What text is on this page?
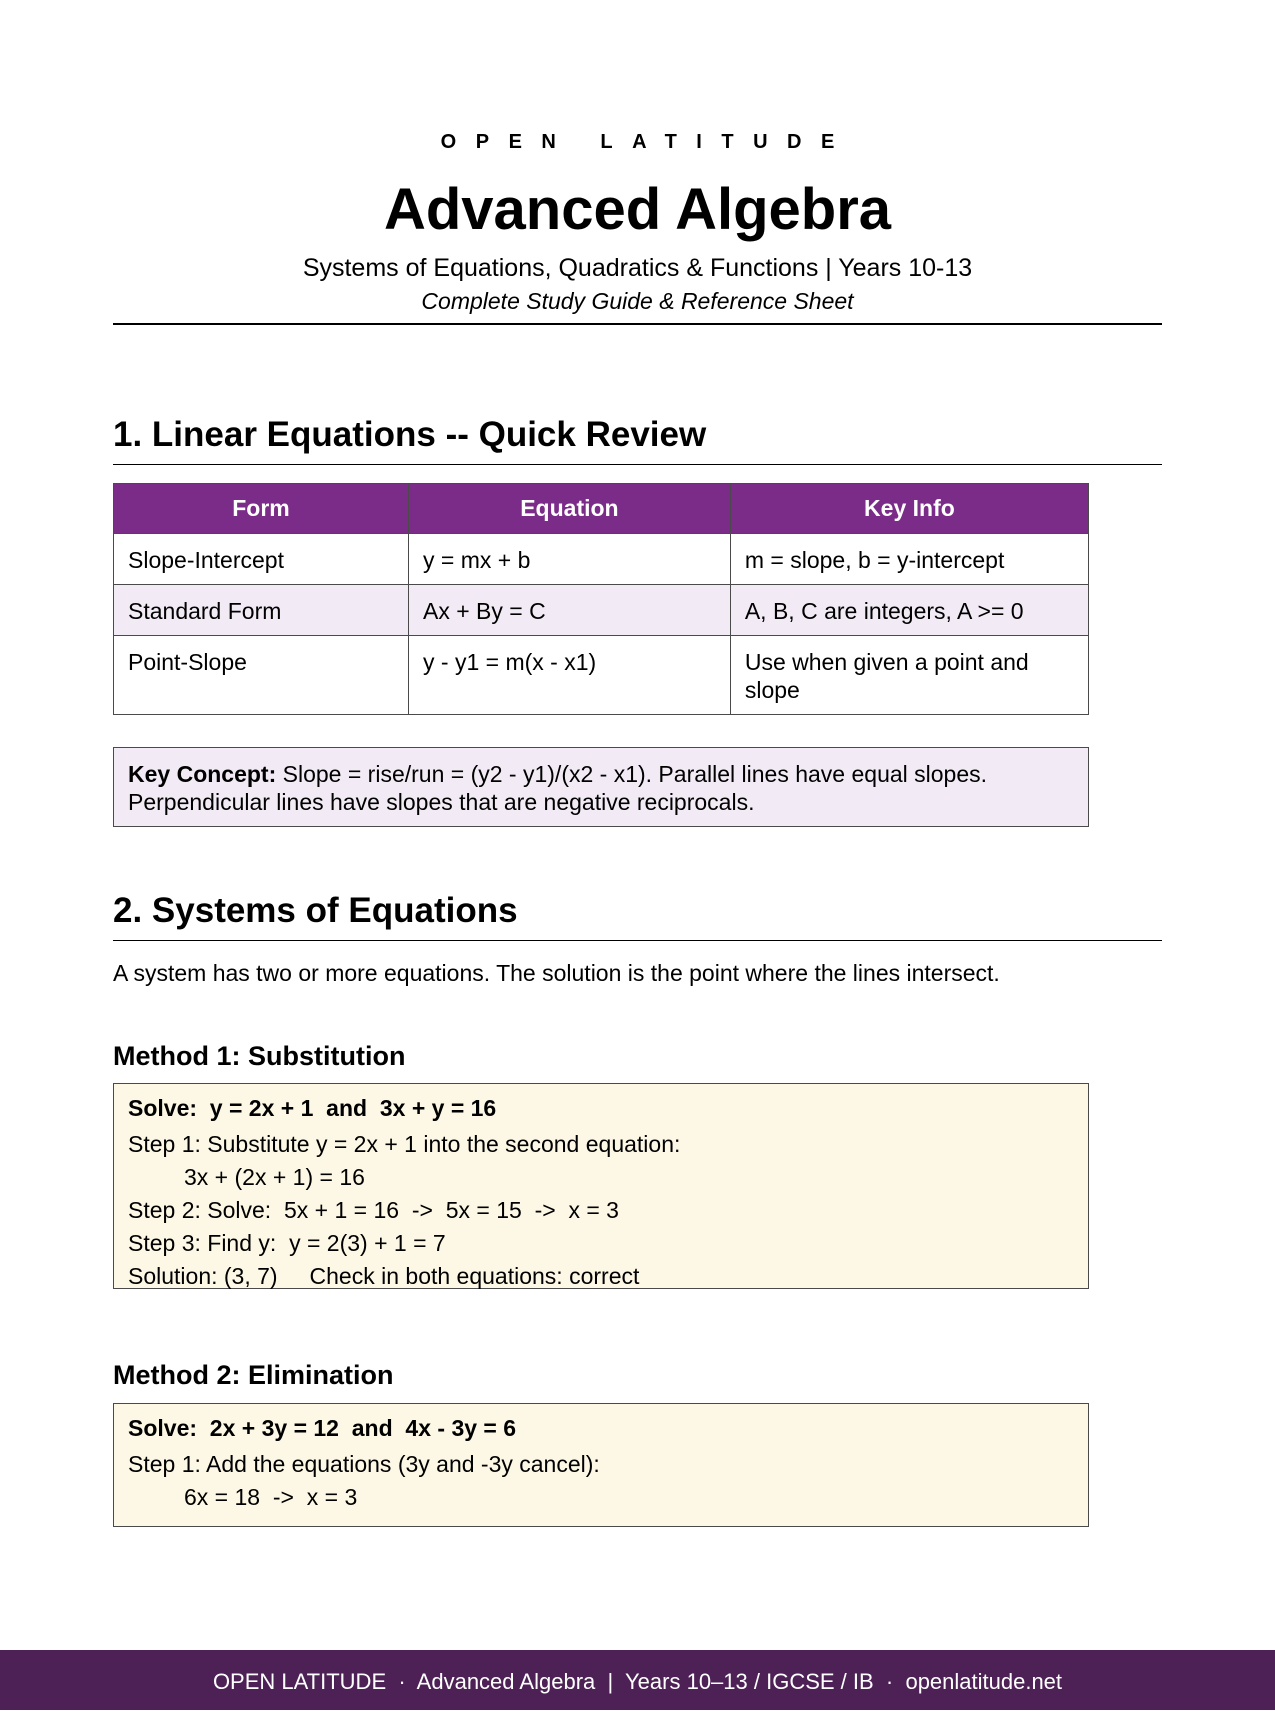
OPEN LATITUDE
Advanced Algebra
Systems of Equations, Quadratics & Functions | Years 10-13
Complete Study Guide & Reference Sheet
1. Linear Equations -- Quick Review
Form	Equation	Key Info
Slope-Intercept	y = mx + b	m = slope, b = y-intercept
Standard Form	Ax + By = C	A, B, C are integers, A >= 0
Point-Slope	y - y1 = m(x - x1)	Use when given a point and slope
Key Concept: Slope = rise/run = (y2 - y1)/(x2 - x1). Parallel lines have equal slopes. Perpendicular lines have slopes that are negative reciprocals.
2. Systems of Equations
A system has two or more equations. The solution is the point where the lines intersect.
Method 1: Substitution
Solve:  y = 2x + 1  and  3x + y = 16
Step 1: Substitute y = 2x + 1 into the second equation:
3x + (2x + 1) = 16
Step 2: Solve:  5x + 1 = 16  ->  5x = 15  ->  x = 3
Step 3: Find y:  y = 2(3) + 1 = 7
Solution: (3, 7)     Check in both equations: correct
Method 2: Elimination
Solve:  2x + 3y = 12  and  4x - 3y = 6
Step 1: Add the equations (3y and -3y cancel):
6x = 18  ->  x = 3
OPEN LATITUDE  ·  Advanced Algebra  |  Years 10–13 / IGCSE / IB  ·  openlatitude.net
